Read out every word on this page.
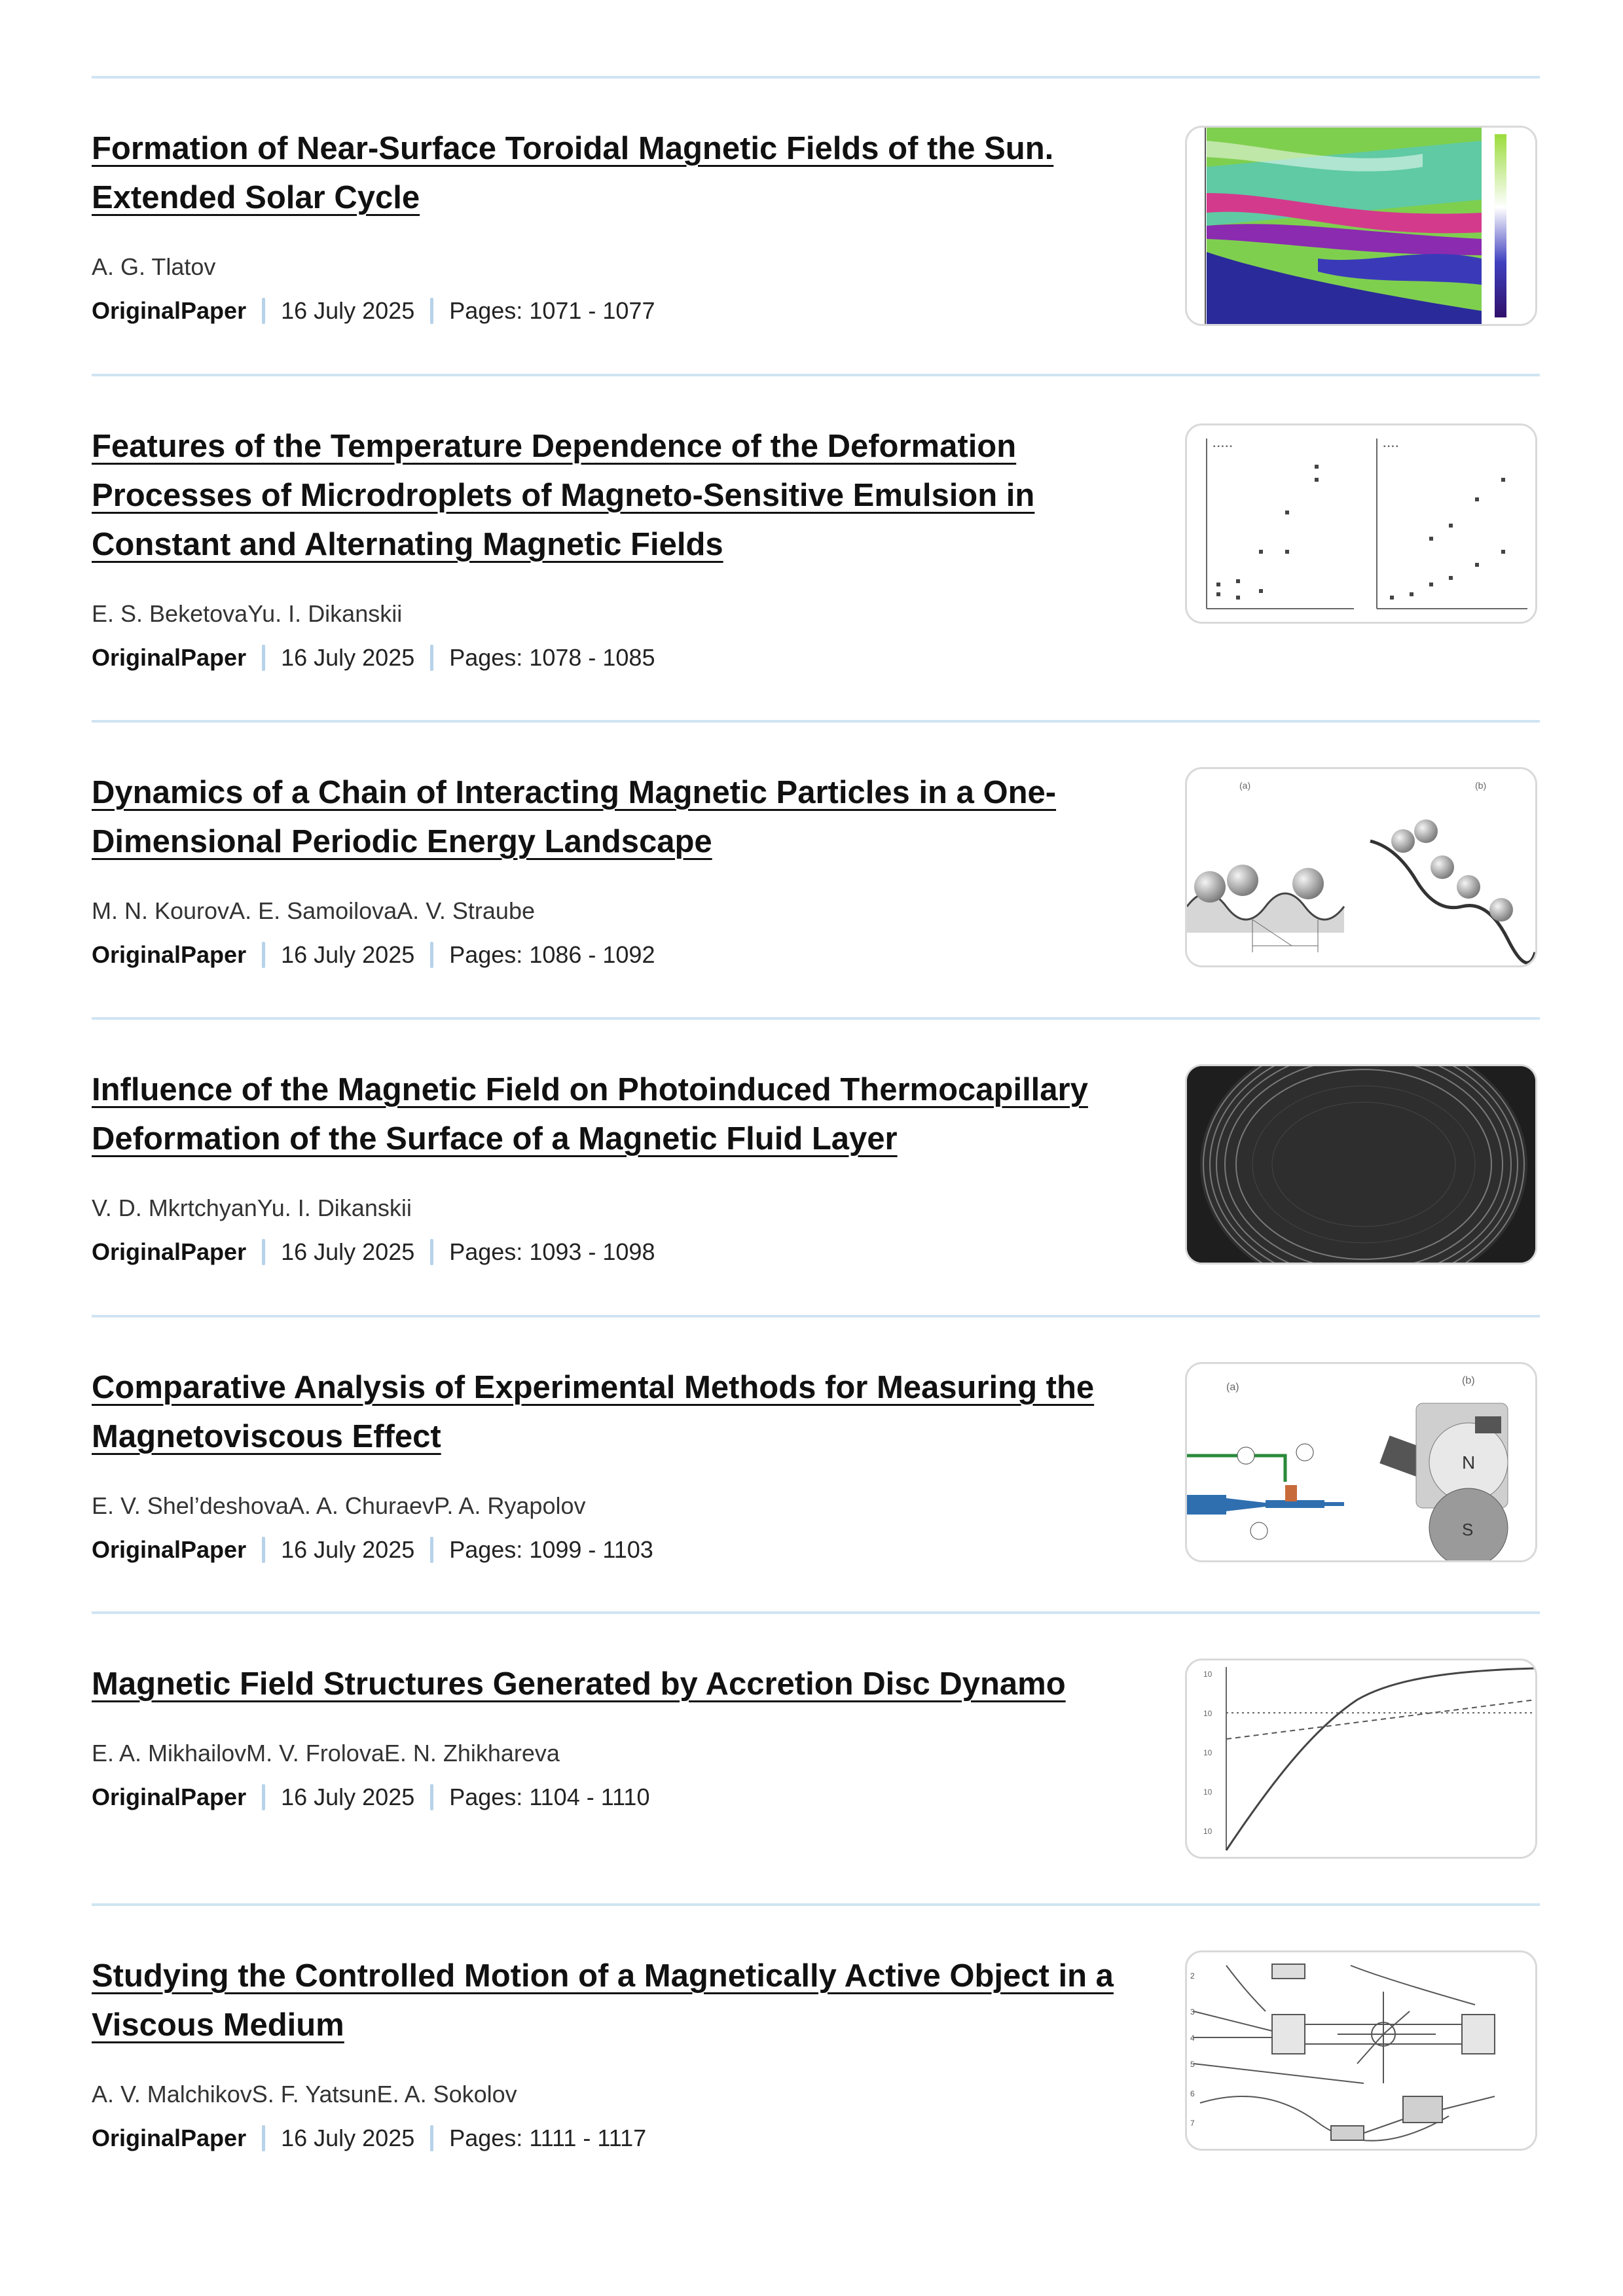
Formation of Near-Surface Toroidal Magnetic Fields of the Sun. Extended Solar Cycle
A. G. Tlatov
OriginalPaper 16 July 2025 Pages: 1071 - 1077
Features of the Temperature Dependence of the Deformation Processes of Microdroplets of Magneto-Sensitive Emulsion in Constant and Alternating Magnetic Fields
E. S. BeketovaYu. I. Dikanskii
OriginalPaper 16 July 2025 Pages: 1078 - 1085
▪ ▪ ▪ ▪ ▪	▪ ▪ ▪ ▪
Dynamics of a Chain of Interacting Magnetic Particles in a One-Dimensional Periodic Energy Landscape
M. N. KourovA. E. SamoilovaA. V. Straube
OriginalPaper 16 July 2025 Pages: 1086 - 1092
(a)	(b)
Influence of the Magnetic Field on Photoinduced Thermocapillary Deformation of the Surface of a Magnetic Fluid Layer
V. D. MkrtchyanYu. I. Dikanskii
OriginalPaper 16 July 2025 Pages: 1093 - 1098
Comparative Analysis of Experimental Methods for Measuring the Magnetoviscous Effect
E. V. Shel’deshovaA. A. ChuraevP. A. Ryapolov
OriginalPaper 16 July 2025 Pages: 1099 - 1103
N
S
(a)
(b)
Magnetic Field Structures Generated by Accretion Disc Dynamo
E. A. MikhailovM. V. FrolovaE. N. Zhikhareva
OriginalPaper 16 July 2025 Pages: 1104 - 1110
10
10
10
10
10
Studying the Controlled Motion of a Magnetically Active Object in a Viscous Medium
A. V. MalchikovS. F. YatsunE. A. Sokolov
OriginalPaper 16 July 2025 Pages: 1111 - 1117
2
3
4
5
6
7
